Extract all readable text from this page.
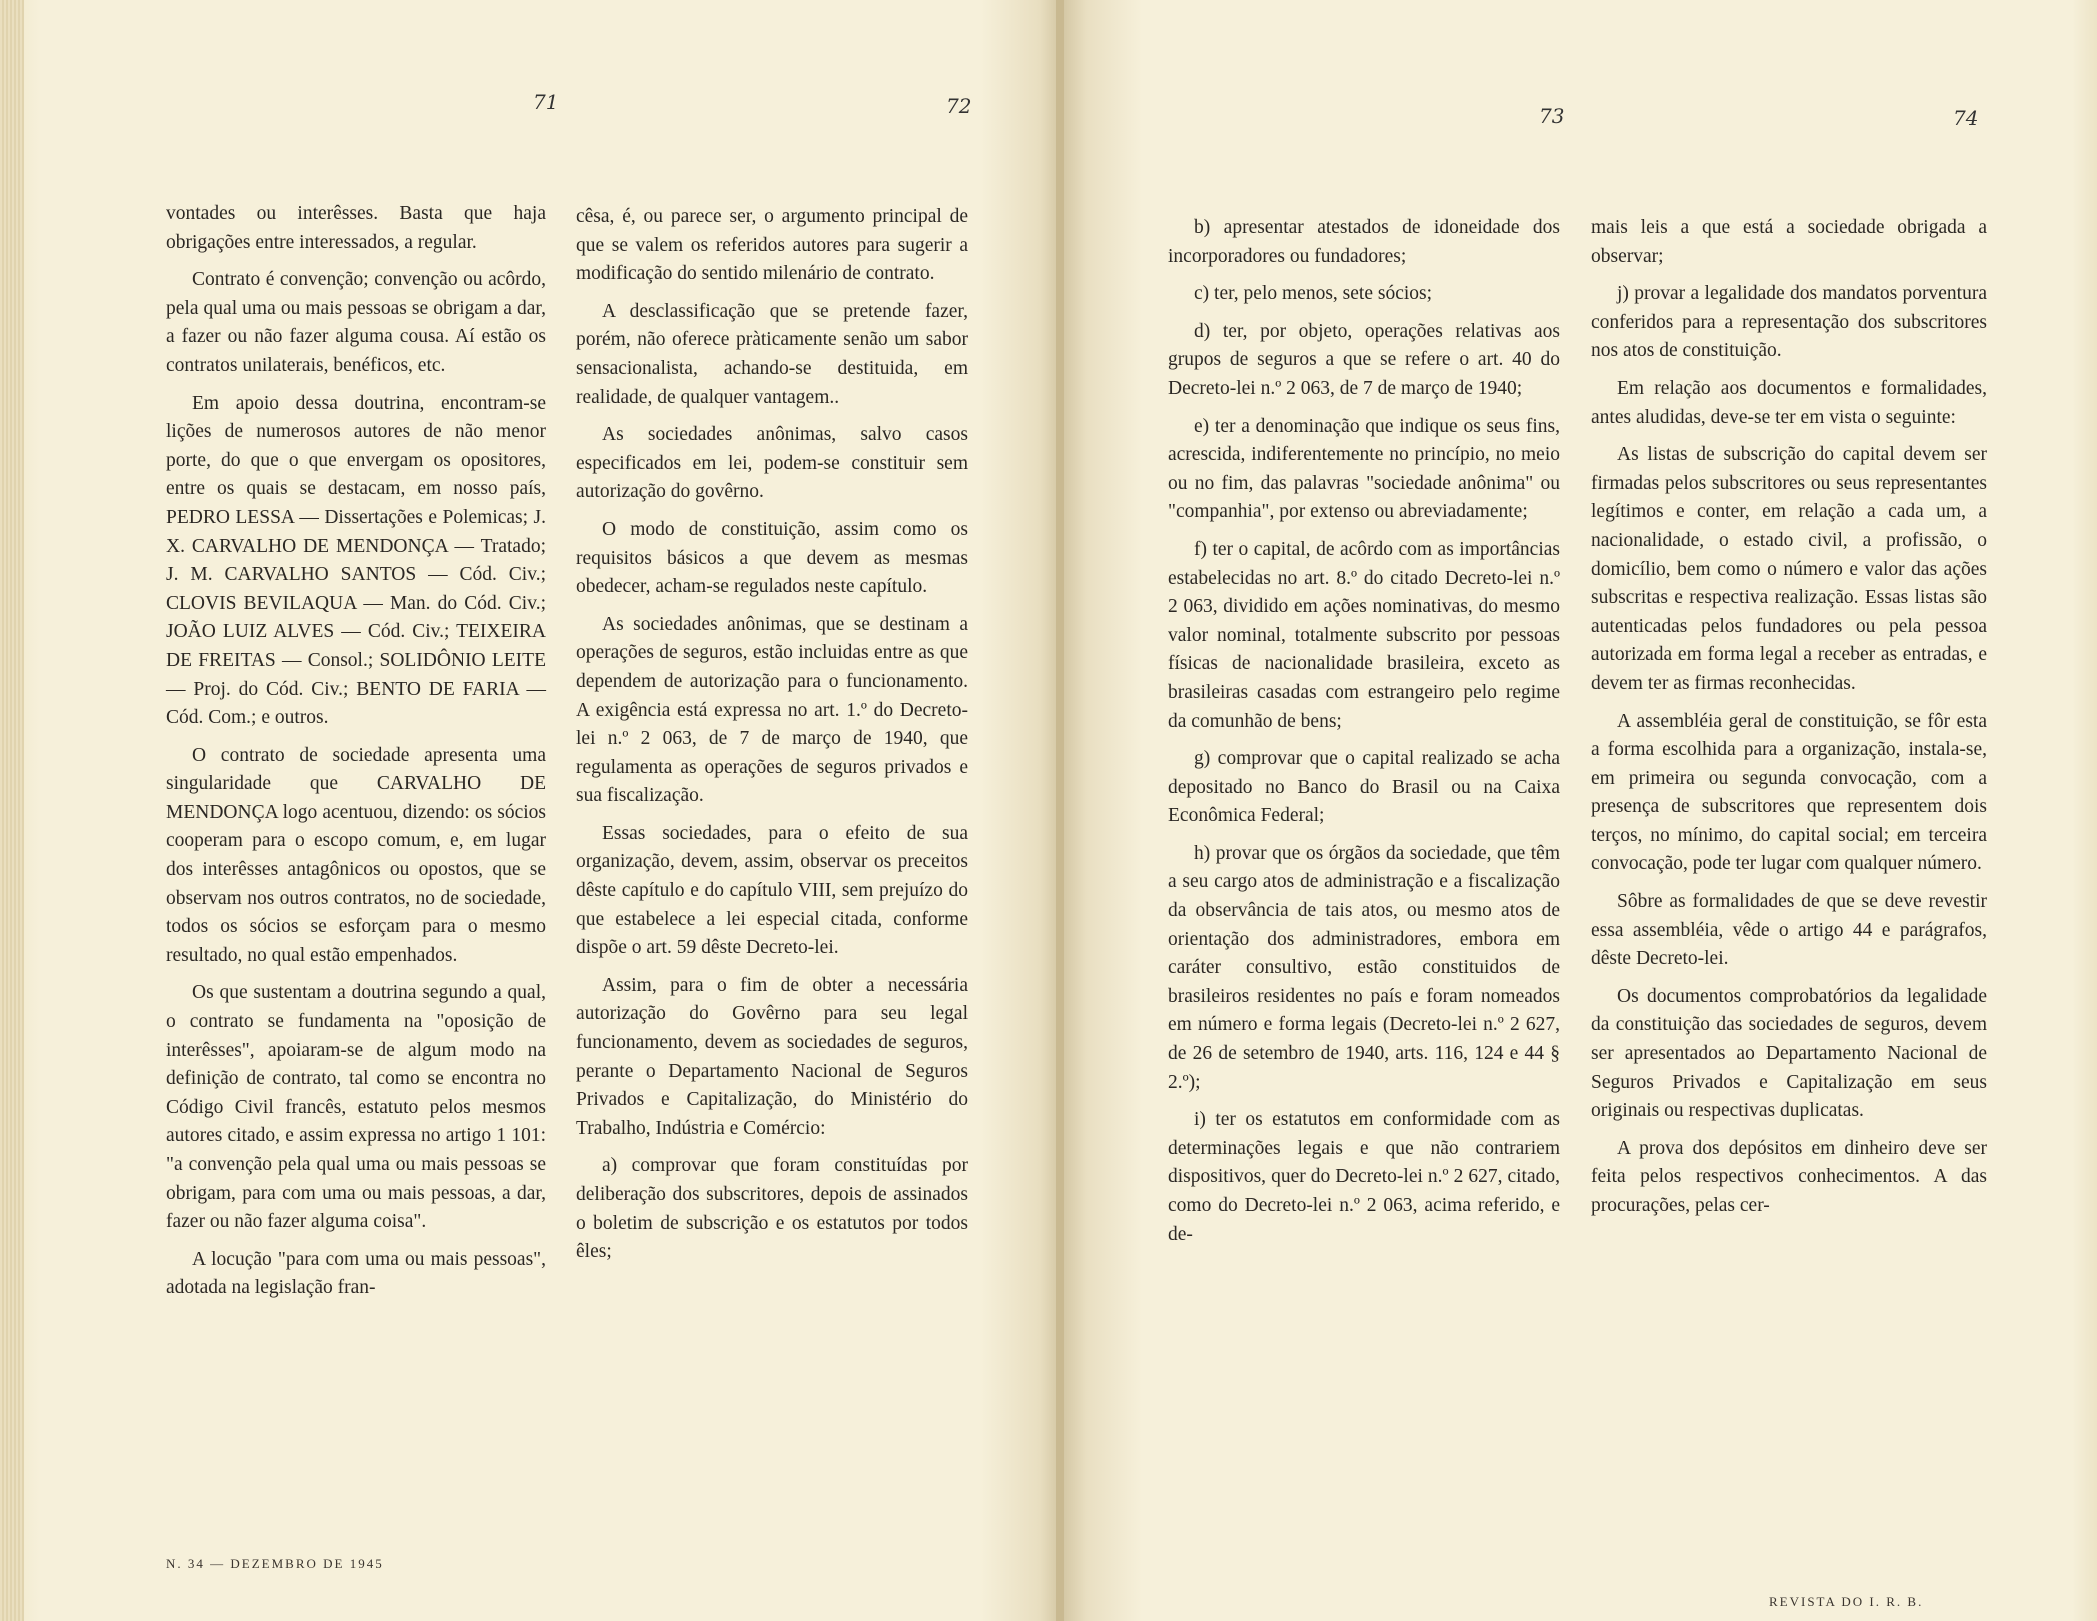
71	72	73	74

vontades ou interêsses. Basta que haja obrigações entre interessados, a regular.

Contrato é convenção; convenção ou acôrdo, pela qual uma ou mais pessoas se obrigam a dar, a fazer ou não fazer alguma cousa. Aí estão os contratos unilaterais, benéficos, etc.

Em apoio dessa doutrina, encontram-se lições de numerosos autores de não menor porte, do que o que envergam os opositores, entre os quais se destacam, em nosso país, PEDRO LESSA — Dissertações e Polemicas; J. X. CARVALHO DE MENDONÇA — Tratado; J. M. CARVALHO SANTOS — Cód. Civ.; CLOVIS BEVILAQUA — Man. do Cód. Civ.; JOÃO LUIZ ALVES — Cód. Civ.; TEIXEIRA DE FREITAS — Consol.; SOLIDÔNIO LEITE — Proj. do Cód. Civ.; BENTO DE FARIA — Cód. Com.; e outros.

O contrato de sociedade apresenta uma singularidade que CARVALHO DE MENDONÇA logo acentuou, dizendo: os sócios cooperam para o escopo comum, e, em lugar dos interêsses antagônicos ou opostos, que se observam nos outros contratos, no de sociedade, todos os sócios se esforçam para o mesmo resultado, no qual estão empenhados.

Os que sustentam a doutrina segundo a qual, o contrato se fundamenta na "oposição de interêsses", apoiaram-se de algum modo na definição de contrato, tal como se encontra no Código Civil francês, estatuto pelos mesmos autores citado, e assim expressa no artigo 1 101: "a convenção pela qual uma ou mais pessoas se obrigam, para com uma ou mais pessoas, a dar, fazer ou não fazer alguma coisa".

A locução "para com uma ou mais pessoas", adotada na legislação fran-

cêsa, é, ou parece ser, o argumento principal de que se valem os referidos autores para sugerir a modificação do sentido milenário de contrato.

A desclassificação que se pretende fazer, porém, não oferece pràticamente senão um sabor sensacionalista, achando-se destituida, em realidade, de qualquer vantagem..

As sociedades anônimas, salvo casos especificados em lei, podem-se constituir sem autorização do govêrno.

O modo de constituição, assim como os requisitos básicos a que devem as mesmas obedecer, acham-se regulados neste capítulo.

As sociedades anônimas, que se destinam a operações de seguros, estão incluidas entre as que dependem de autorização para o funcionamento. A exigência está expressa no art. 1.º do Decreto-lei n.º 2 063, de 7 de março de 1940, que regulamenta as operações de seguros privados e sua fiscalização.

Essas sociedades, para o efeito de sua organização, devem, assim, observar os preceitos dêste capítulo e do capítulo VIII, sem prejuízo do que estabelece a lei especial citada, conforme dispõe o art. 59 dêste Decreto-lei.

Assim, para o fim de obter a necessária autorização do Govêrno para seu legal funcionamento, devem as sociedades de seguros, perante o Departamento Nacional de Seguros Privados e Capitalização, do Ministério do Trabalho, Indústria e Comércio:

a) comprovar que foram constituídas por deliberação dos subscritores, depois de assinados o boletim de subscrição e os estatutos por todos êles;

b) apresentar atestados de idoneidade dos incorporadores ou fundadores;

c) ter, pelo menos, sete sócios;

d) ter, por objeto, operações relativas aos grupos de seguros a que se refere o art. 40 do Decreto-lei n.º 2 063, de 7 de março de 1940;

e) ter a denominação que indique os seus fins, acrescida, indiferentemente no princípio, no meio ou no fim, das palavras "sociedade anônima" ou "companhia", por extenso ou abreviadamente;

f) ter o capital, de acôrdo com as importâncias estabelecidas no art. 8.º do citado Decreto-lei n.º 2 063, dividido em ações nominativas, do mesmo valor nominal, totalmente subscrito por pessoas físicas de nacionalidade brasileira, exceto as brasileiras casadas com estrangeiro pelo regime da comunhão de bens;

g) comprovar que o capital realizado se acha depositado no Banco do Brasil ou na Caixa Econômica Federal;

h) provar que os órgãos da sociedade, que têm a seu cargo atos de administração e a fiscalização da observância de tais atos, ou mesmo atos de orientação dos administradores, embora em caráter consultivo, estão constituidos de brasileiros residentes no país e foram nomeados em número e forma legais (Decreto-lei n.º 2 627, de 26 de setembro de 1940, arts. 116, 124 e 44 § 2.º);

i) ter os estatutos em conformidade com as determinações legais e que não contrariem dispositivos, quer do Decreto-lei n.º 2 627, citado, como do Decreto-lei n.º 2 063, acima referido, e de-

mais leis a que está a sociedade obrigada a observar;

j) provar a legalidade dos mandatos porventura conferidos para a representação dos subscritores nos atos de constituição.

Em relação aos documentos e formalidades, antes aludidas, deve-se ter em vista o seguinte:

As listas de subscrição do capital devem ser firmadas pelos subscritores ou seus representantes legítimos e conter, em relação a cada um, a nacionalidade, o estado civil, a profissão, o domicílio, bem como o número e valor das ações subscritas e respectiva realização. Essas listas são autenticadas pelos fundadores ou pela pessoa autorizada em forma legal a receber as entradas, e devem ter as firmas reconhecidas.

A assembléia geral de constituição, se fôr esta a forma escolhida para a organização, instala-se, em primeira ou segunda convocação, com a presença de subscritores que representem dois terços, no mínimo, do capital social; em terceira convocação, pode ter lugar com qualquer número.

Sôbre as formalidades de que se deve revestir essa assembléia, vêde o artigo 44 e parágrafos, dêste Decreto-lei.

Os documentos comprobatórios da legalidade da constituição das sociedades de seguros, devem ser apresentados ao Departamento Nacional de Seguros Privados e Capitalização em seus originais ou respectivas duplicatas.

A prova dos depósitos em dinheiro deve ser feita pelos respectivos conhecimentos. A das procurações, pelas cer-

N. 34 — DEZEMBRO DE 1945
REVISTA DO I. R. B.
